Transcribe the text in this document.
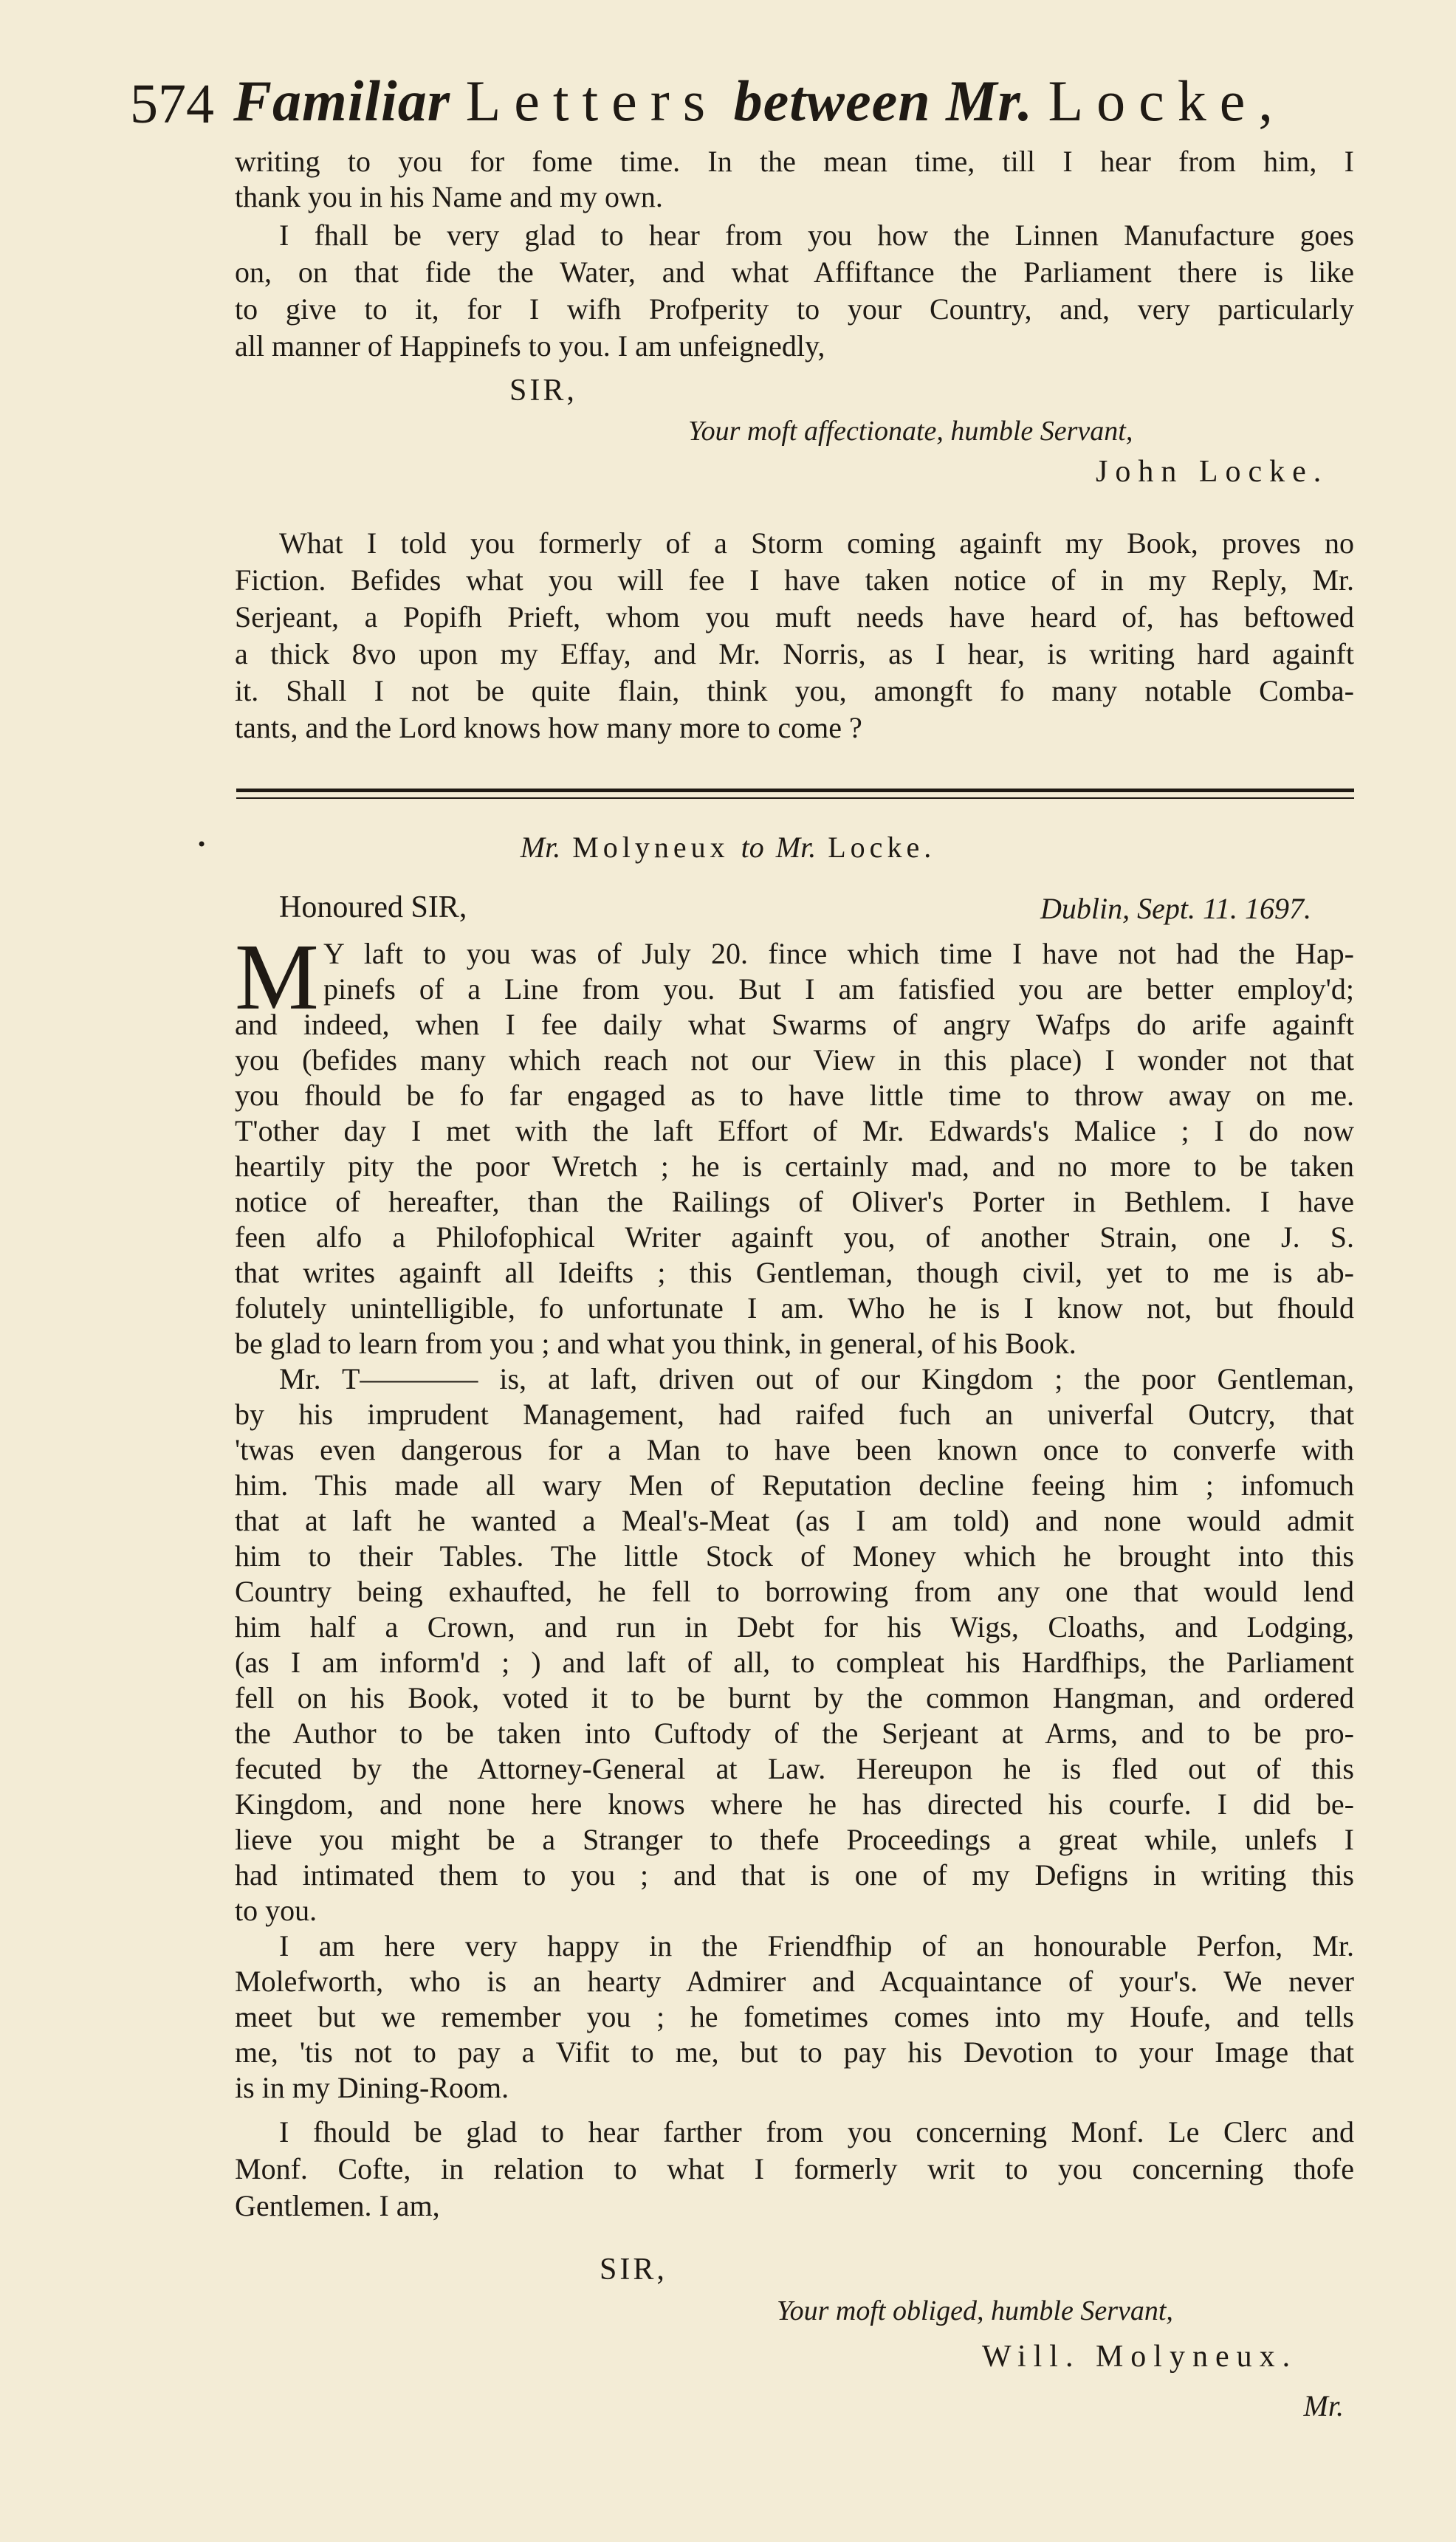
574 Familiar Letters between Mr. Locke,
writing to you for fome time. In the mean time, till I hear from him, I
thank you in his Name and my own.
I fhall be very glad to hear from you how the Linnen Manufacture goes
on, on that fide the Water, and what Affiftance the Parliament there is like
to give to it, for I wifh Profperity to your Country, and, very particularly
all manner of Happinefs to you. I am unfeignedly,
SIR,
Your moft affectionate, humble Servant,
John Locke.
What I told you formerly of a Storm coming againft my Book, proves no
Fiction. Befides what you will fee I have taken notice of in my Reply, Mr.
Serjeant, a Popifh Prieft, whom you muft needs have heard of, has beftowed
a thick 8vo upon my Effay, and Mr. Norris, as I hear, is writing hard againft
it. Shall I not be quite flain, think you, amongft fo many notable Comba-
tants, and the Lord knows how many more to come ?
Mr. Molyneux to Mr. Locke.
•
Honoured SIR,	Dublin, Sept. 11. 1697.
M Y laft to you was of July 20. fince which time I have not had the Hap-
pinefs of a Line from you. But I am fatisfied you are better employ'd;
and indeed, when I fee daily what Swarms of angry Wafps do arife againft
you (befides many which reach not our View in this place) I wonder not that
you fhould be fo far engaged as to have little time to throw away on me.
T'other day I met with the laft Effort of Mr. Edwards's Malice ; I do now
heartily pity the poor Wretch ; he is certainly mad, and no more to be taken
notice of hereafter, than the Railings of Oliver's Porter in Bethlem. I have
feen alfo a Philofophical Writer againft you, of another Strain, one J. S.
that writes againft all Ideifts ; this Gentleman, though civil, yet to me is ab-
folutely unintelligible, fo unfortunate I am. Who he is I know not, but fhould
be glad to learn from you ; and what you think, in general, of his Book.
Mr. T———— is, at laft, driven out of our Kingdom ; the poor Gentleman,
by his imprudent Management, had raifed fuch an univerfal Outcry, that
'twas even dangerous for a Man to have been known once to converfe with
him. This made all wary Men of Reputation decline feeing him ; infomuch
that at laft he wanted a Meal's-Meat (as I am told) and none would admit
him to their Tables. The little Stock of Money which he brought into this
Country being exhaufted, he fell to borrowing from any one that would lend
him half a Crown, and run in Debt for his Wigs, Cloaths, and Lodging,
(as I am inform'd ; ) and laft of all, to compleat his Hardfhips, the Parliament
fell on his Book, voted it to be burnt by the common Hangman, and ordered
the Author to be taken into Cuftody of the Serjeant at Arms, and to be pro-
fecuted by the Attorney-General at Law. Hereupon he is fled out of this
Kingdom, and none here knows where he has directed his courfe. I did be-
lieve you might be a Stranger to thefe Proceedings a great while, unlefs I
had intimated them to you ; and that is one of my Defigns in writing this
to you.
I am here very happy in the Friendfhip of an honourable Perfon, Mr.
Molefworth, who is an hearty Admirer and Acquaintance of your's. We never
meet but we remember you ; he fometimes comes into my Houfe, and tells
me, 'tis not to pay a Vifit to me, but to pay his Devotion to your Image that
is in my Dining-Room.
I fhould be glad to hear farther from you concerning Monf. Le Clerc and
Monf. Cofte, in relation to what I formerly writ to you concerning thofe
Gentlemen. I am,
SIR,
Your moft obliged, humble Servant,
Will. Molyneux.
Mr.
